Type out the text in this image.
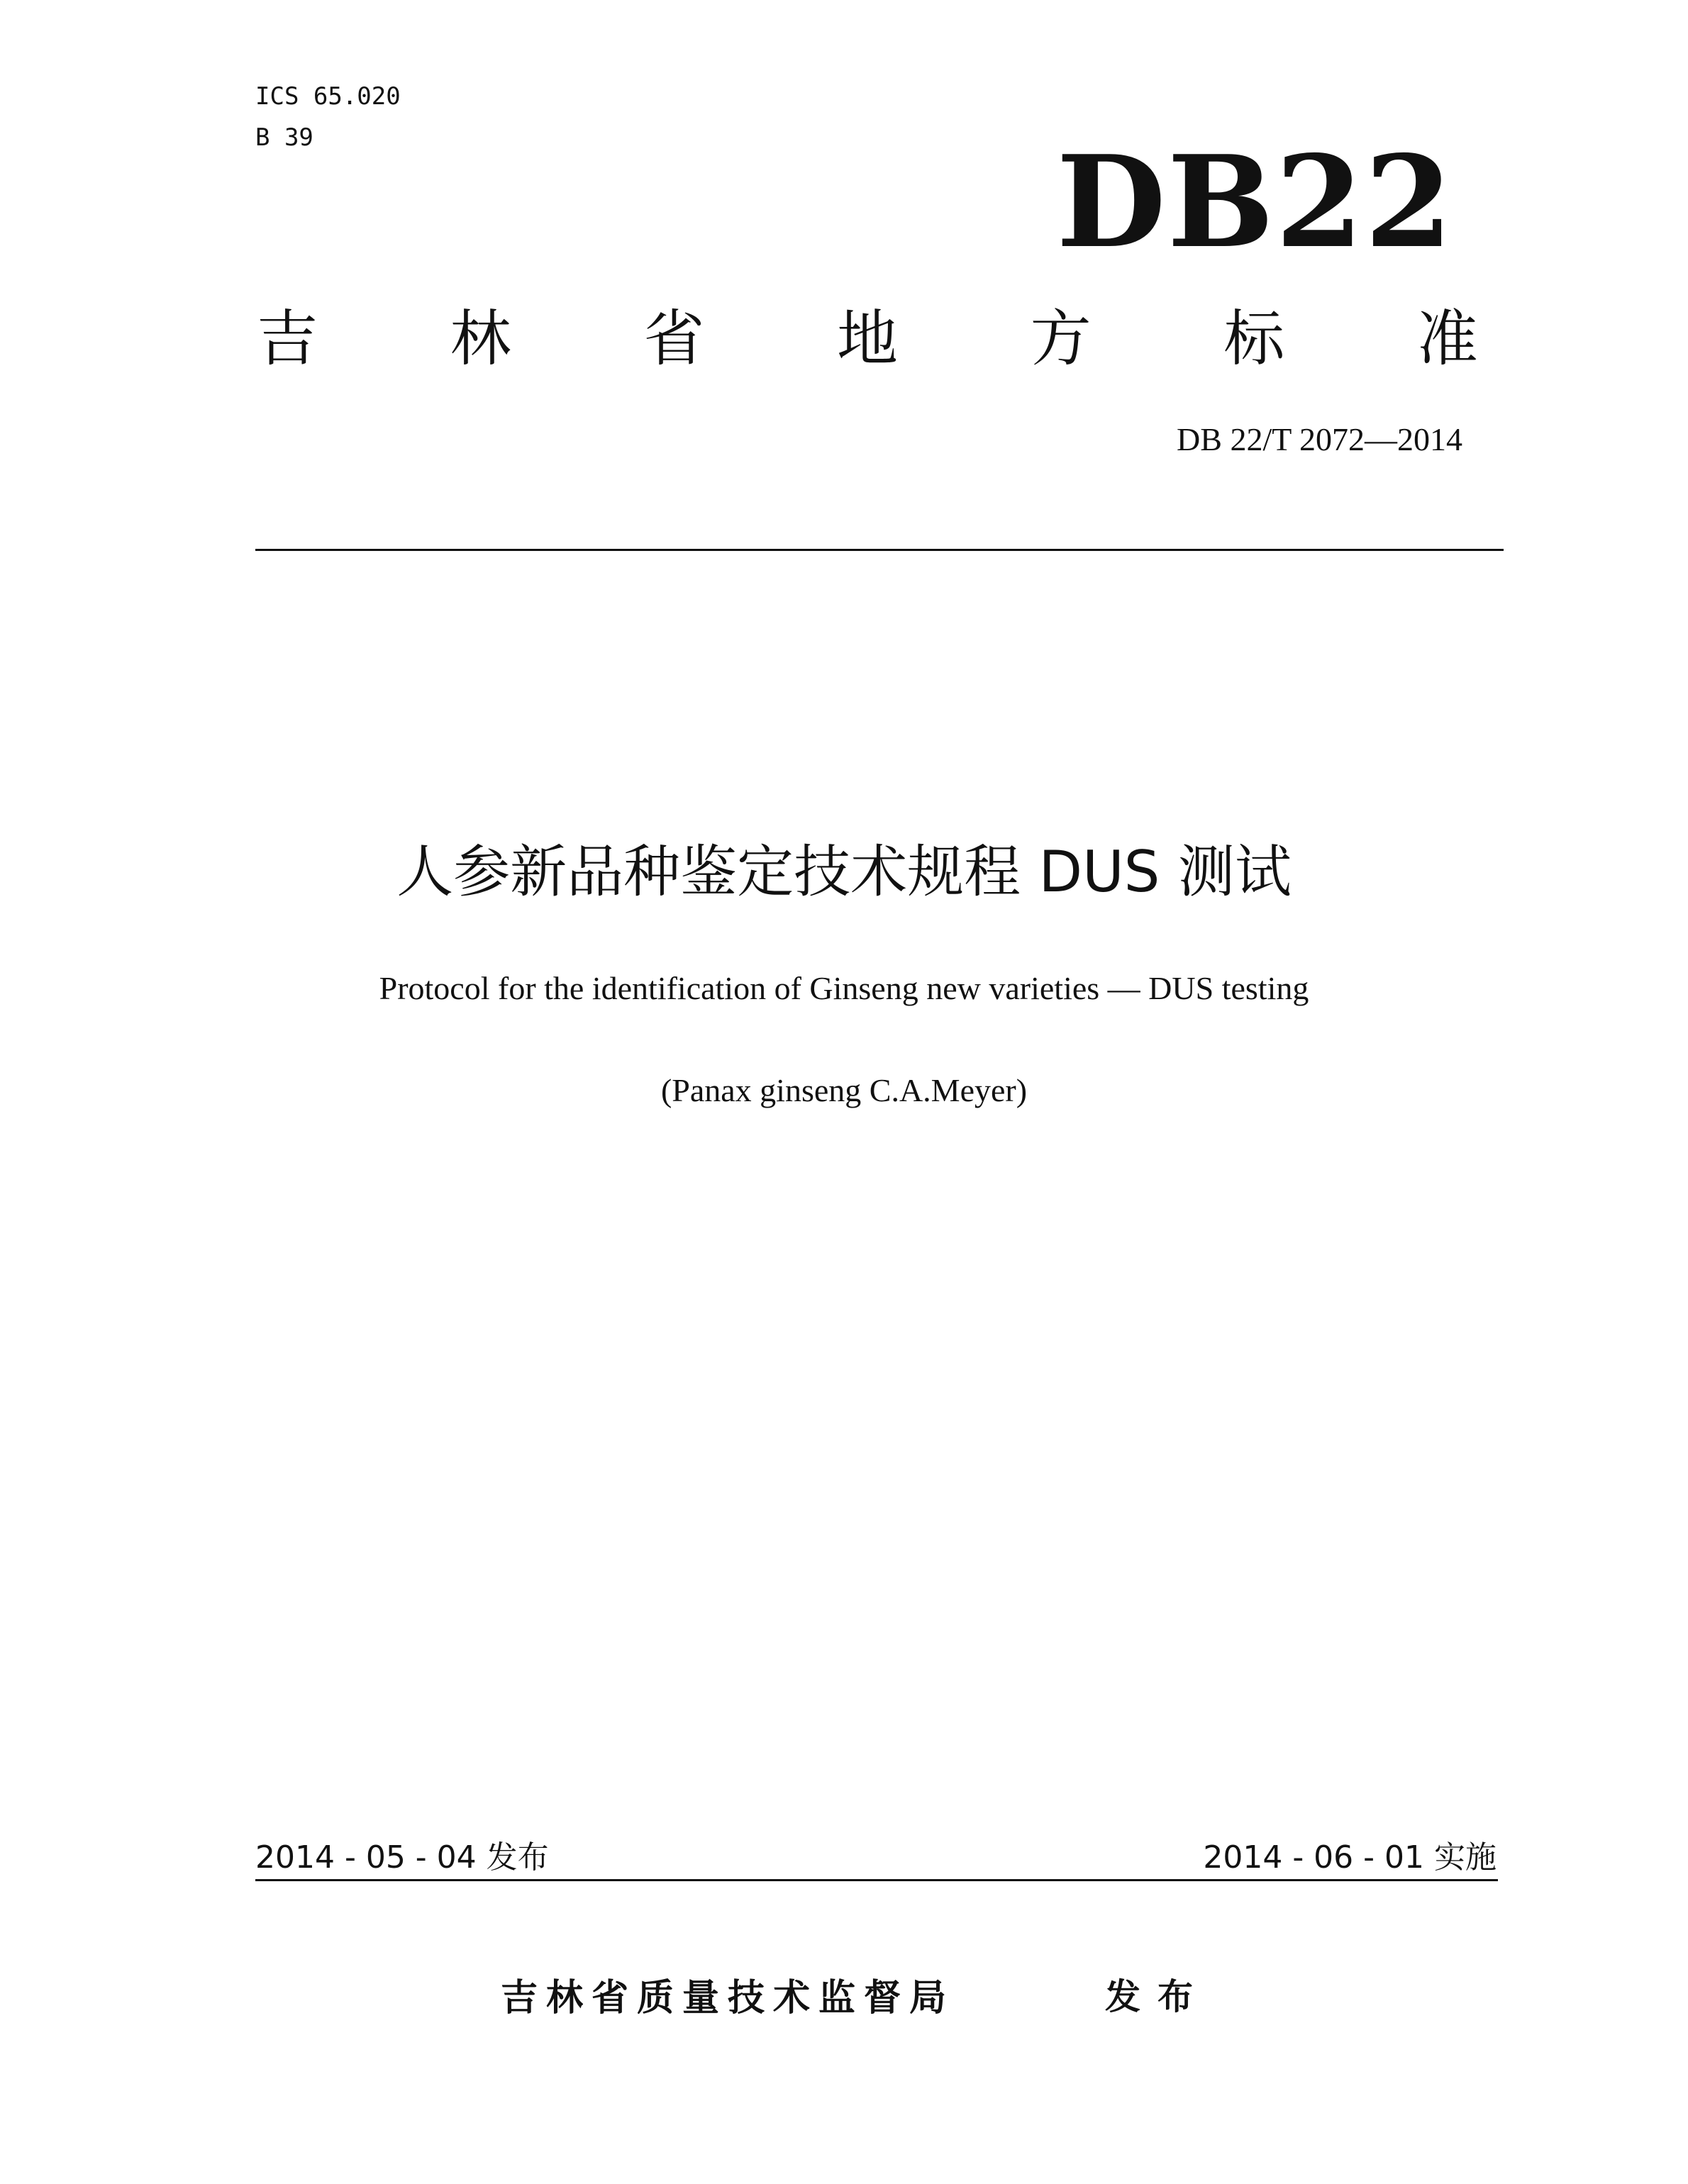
ICS 65.020
B 39	DB22
吉 林 省 地 方 标 准
DB 22/T 2072—2014
人参新品种鉴定技术规程 DUS 测试
Protocol for the identification of Ginseng new varieties — DUS testing
(Panax ginseng C.A.Meyer)
2014 - 05 - 04 发布	2014 - 06 - 01 实施
吉林省质量技术监督局	发布
